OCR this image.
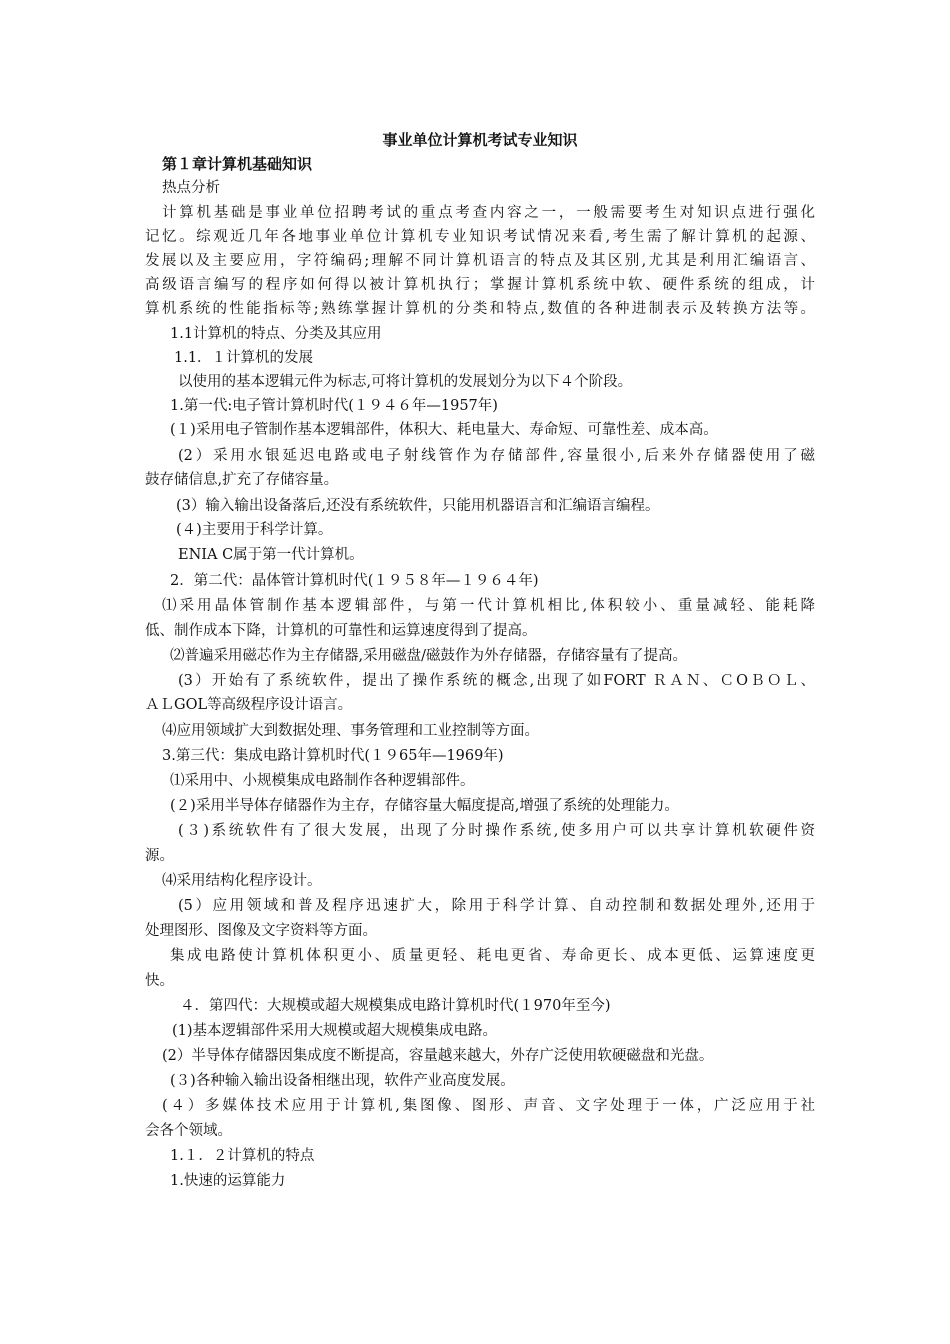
事业单位计算机考试专业知识
第１章计算机基础知识
热点分析
计算机基础是事业单位招聘考试的重点考查内容之一，一般需要考生对知识点进行强化
记忆。综观近几年各地事业单位计算机专业知识考试情况来看,考生需了解计算机的起源、
发展以及主要应用，字符编码;理解不同计算机语言的特点及其区别,尤其是利用汇编语言、
高级语言编写的程序如何得以被计算机执行；掌握计算机系统中软、硬件系统的组成，计
算机系统的性能指标等;熟练掌握计算机的分类和特点,数值的各种进制表示及转换方法等。
1.1计算机的特点、分类及其应用
1.1．１计算机的发展
以使用的基本逻辑元件为标志,可将计算机的发展划分为以下４个阶段。
1.第一代:电子管计算机时代(１９４６年—1957年)
(１)采用电子管制作基本逻辑部件，体积大、耗电量大、寿命短、可靠性差、成本高。
(2）采用水银延迟电路或电子射线管作为存储部件,容量很小,后来外存储器使用了磁
鼓存储信息,扩充了存储容量。
(3）输入输出设备落后,还没有系统软件，只能用机器语言和汇编语言编程。
(４)主要用于科学计算。
ENIA C属于第一代计算机。
2．第二代：晶体管计算机时代(１９５８年—１９６４年)
⑴采用晶体管制作基本逻辑部件，与第一代计算机相比,体积较小、重量减轻、能耗降
低、制作成本下降，计算机的可靠性和运算速度得到了提高。
⑵普遍采用磁芯作为主存储器,采用磁盘/磁鼓作为外存储器，存储容量有了提高。
(3）开始有了系统软件，提出了操作系统的概念,出现了如FORT ＲＡＮ、ＣOＢＯＬ、
ＡＬGOL等高级程序设计语言。
⑷应用领域扩大到数据处理、事务管理和工业控制等方面。
3.第三代：集成电路计算机时代(１９65年—1969年)
⑴采用中、小规模集成电路制作各种逻辑部件。
(２)采用半导体存储器作为主存，存储容量大幅度提高,增强了系统的处理能力。
(３)系统软件有了很大发展，出现了分时操作系统,使多用户可以共享计算机软硬件资
源。
⑷采用结构化程序设计。
(5）应用领域和普及程序迅速扩大，除用于科学计算、自动控制和数据处理外,还用于
处理图形、图像及文字资料等方面。
集成电路使计算机体积更小、质量更轻、耗电更省、寿命更长、成本更低、运算速度更
快。
４．第四代：大规模或超大规模集成电路计算机时代(１970年至今)
(1)基本逻辑部件采用大规模或超大规模集成电路。
(2）半导体存储器因集成度不断提高，容量越来越大，外存广泛使用软硬磁盘和光盘。
(３)各种输入输出设备相继出现，软件产业高度发展。
(４）多媒体技术应用于计算机,集图像、图形、声音、文字处理于一体，广泛应用于社
会各个领域。
1.１．２计算机的特点
1.快速的运算能力
